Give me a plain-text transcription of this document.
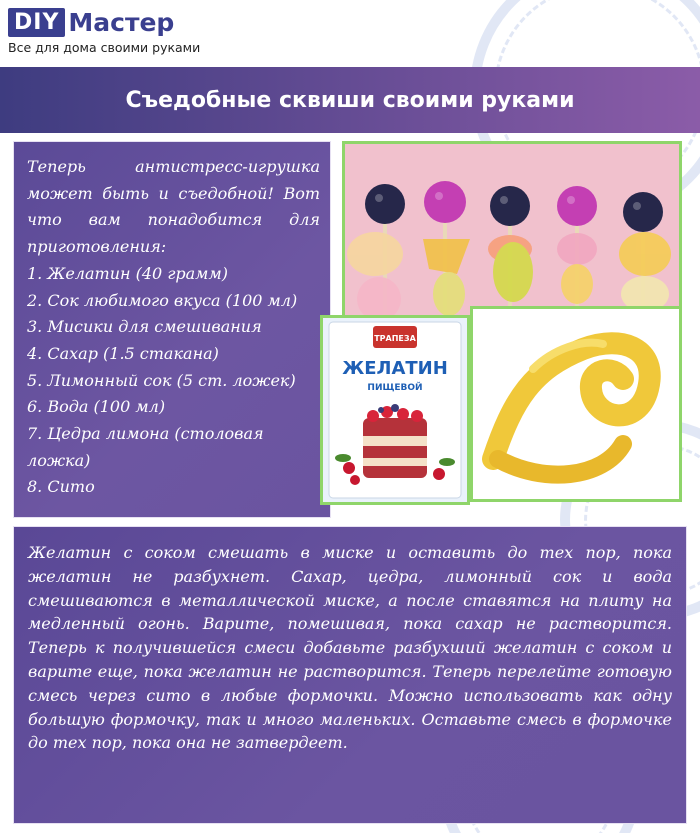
DIY Мастер
Все для дома своими руками
Съедобные сквиши своими руками

Теперь антистресс-игрушка может быть и съедобной! Вот что вам понадобится для приготовления:

1. Желатин (40 грамм)
2. Сок любимого вкуса (100 мл)
3. Мисики для смешивания
4. Сахар (1.5 стакана)
5. Лимонный сок (5 ст. ложек)
6. Вода (100 мл)
7. Цедра лимона (столовая ложка)
8. Сито
ТРАПЕЗА
ЖЕЛАТИН
ПИЩЕВОЙ

Желатин с соком смешать в миске и оставить до тех пор, пока желатин не разбухнет. Сахар, цедра, лимонный сок и вода смешиваются в металлической миске, а после ставятся на плиту на медленный огонь. Варите, помешивая, пока сахар не растворится. Теперь к получившейся смеси добавьте разбухший желатин с соком и варите еще, пока желатин не растворится. Теперь перелейте готовую смесь через сито в любые формочки. Можно использовать как одну большую формочку, так и много маленьких. Оставьте смесь в формочке до тех пор, пока она не затвердеет.
